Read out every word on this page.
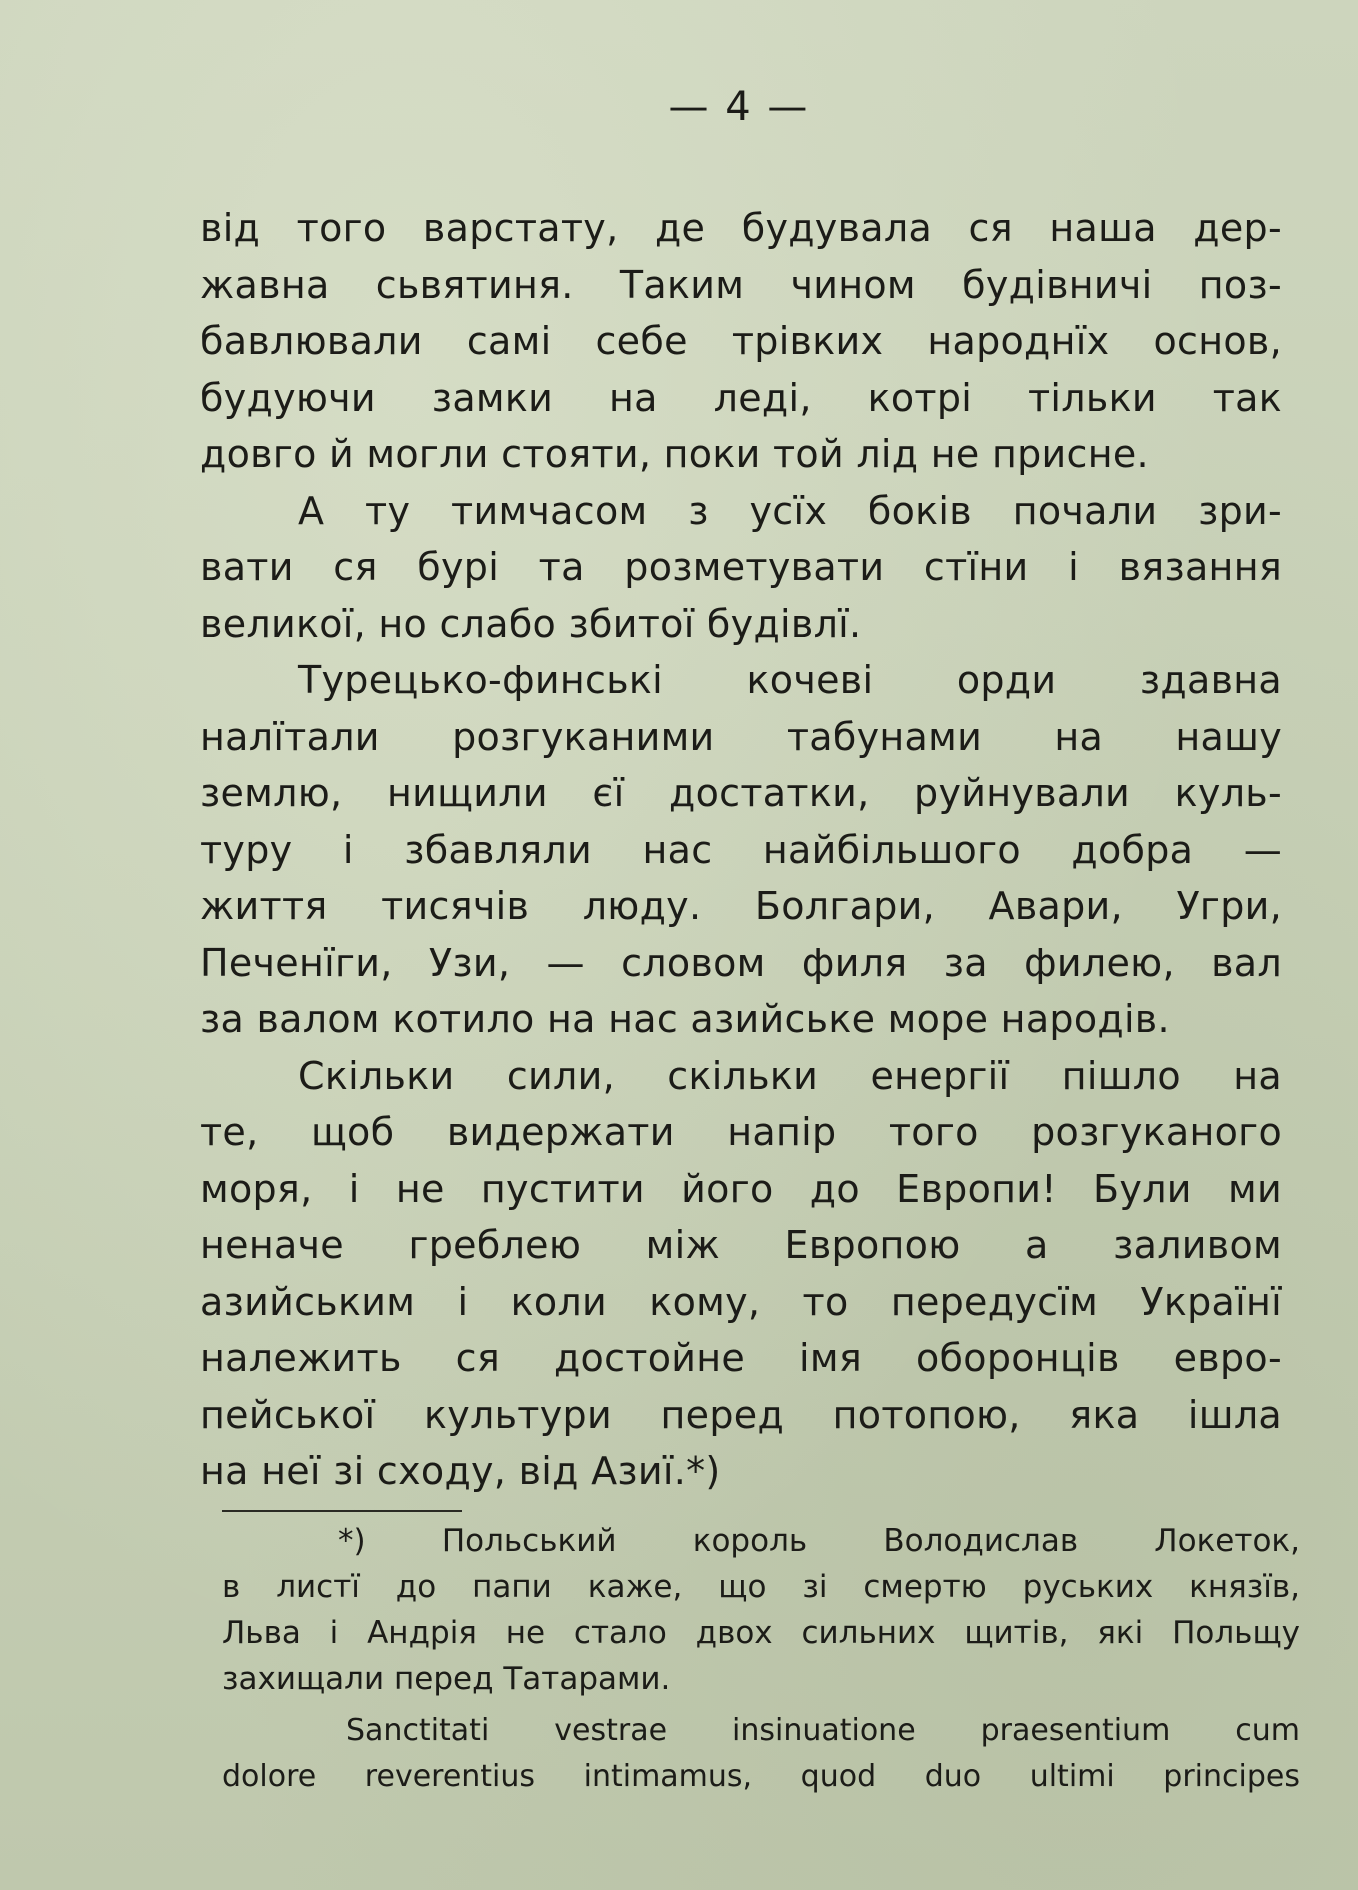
— 4 —
від того варстату, де будувала ся наша дер-
жавна сьвятиня. Таким чином будівничі поз-
бавлювали самі себе трівких народнїх основ,
будуючи замки на леді, котрі тільки так
довго й могли стояти, поки той лід не присне.
А ту тимчасом з усїх боків почали зри-
вати ся бурі та розметувати стїни і вязання
великої, но слабо збитої будівлї.
Турецько-финські кочеві орди здавна
налїтали розгуканими табунами на нашу
землю, нищили єї достатки, руйнували куль-
туру і збавляли нас найбільшого добра —
життя тисячів люду. Болгари, Авари, Угри,
Печенїги, Узи, — словом филя за филею, вал
за валом котило на нас азийське море народів.
Скільки сили, скільки енергії пішло на
те, щоб видержати напір того розгуканого
моря, і не пустити його до Европи! Були ми
неначе греблею між Европою а заливом
азийським і коли кому, то передусїм Українї
належить ся достойне імя оборонців евро-
пейської культури перед потопою, яка ішла
на неї зі сходу, від Азиї.*)
*) Польський король Володислав Локеток,
в листї до папи каже, що зі смертю руських князїв,
Льва і Андрія не стало двох сильних щитів, які Польщу
захищали перед Татарами.
Sanctitati vestrae insinuatione praesentium cum
dolore reverentius intimamus, quod duo ultimi principes
